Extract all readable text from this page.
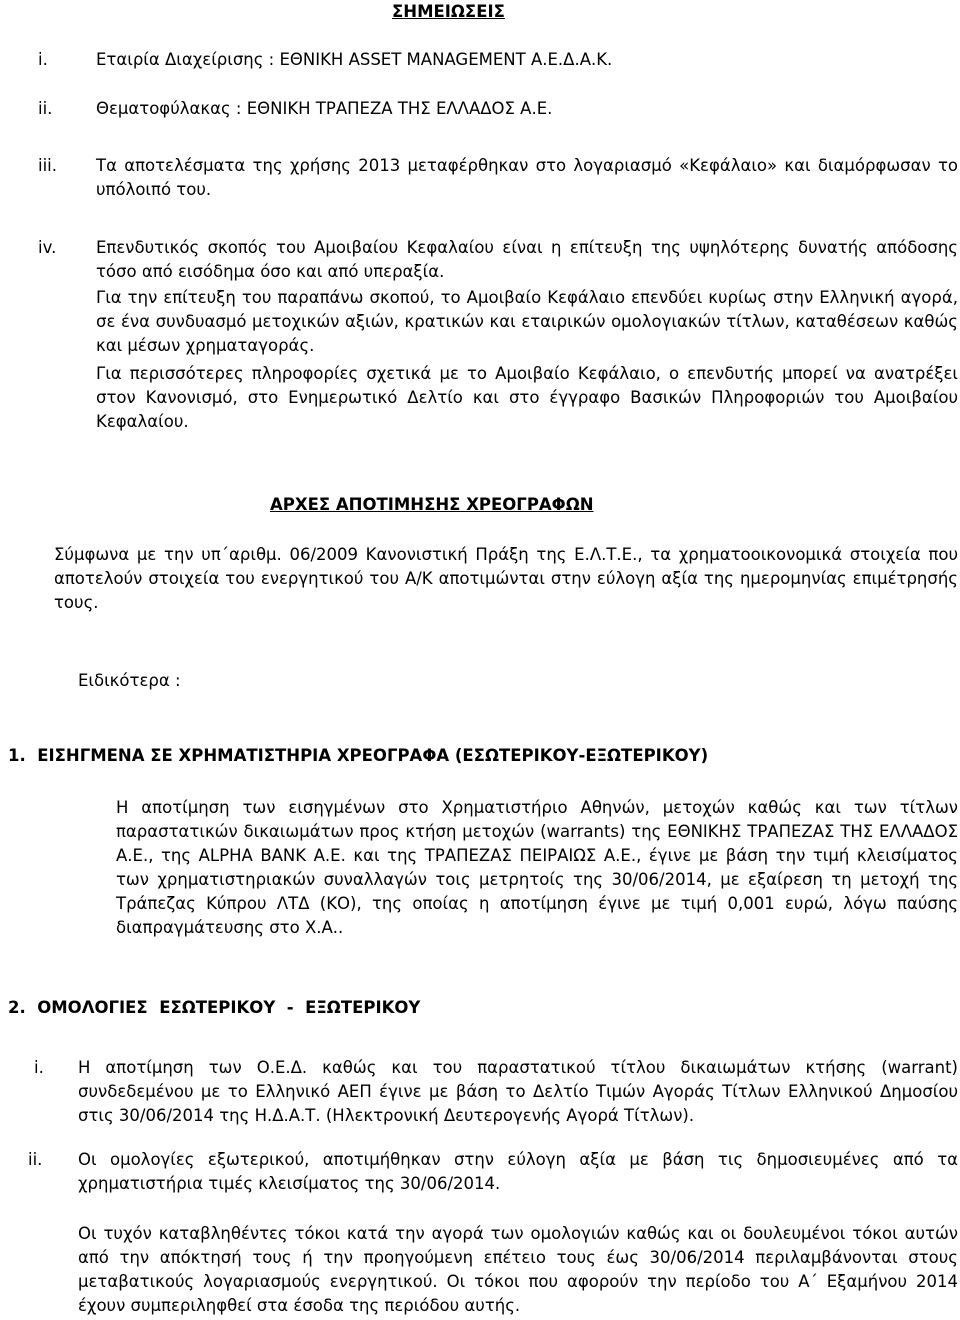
ΣΗΜΕΙΩΣΕΙΣ
i.	Εταιρία Διαχείρισης : ΕΘΝΙΚΗ ASSET MANAGEMENT Α.Ε.Δ.Α.Κ.
ii.	Θεματοφύλακας : ΕΘΝΙΚΗ ΤΡΑΠΕΖΑ ΤΗΣ ΕΛΛΑΔΟΣ Α.Ε.
iii. Τα αποτελέσματα της χρήσης 2013 μεταφέρθηκαν στο λογαριασμό «Κεφάλαιο» και διαμόρφωσαν το υπόλοιπό του.
iv. Επενδυτικός σκοπός του Αμοιβαίου Κεφαλαίου είναι η επίτευξη της υψηλότερης δυνατής απόδοσης τόσο από εισόδημα όσο και από υπεραξία.
Για την επίτευξη του παραπάνω σκοπού, το Αμοιβαίο Κεφάλαιο επενδύει κυρίως στην Ελληνική αγορά, σε ένα συνδυασμό μετοχικών αξιών, κρατικών και εταιρικών ομολογιακών τίτλων, καταθέσεων καθώς και μέσων χρηματαγοράς.
Για περισσότερες πληροφορίες σχετικά με το Αμοιβαίο Κεφάλαιο, ο επενδυτής μπορεί να ανατρέξει στον Κανονισμό, στο Ενημερωτικό Δελτίο και στο έγγραφο Βασικών Πληροφοριών του Αμοιβαίου Κεφαλαίου.
ΑΡΧΕΣ ΑΠΟΤΙΜΗΣΗΣ ΧΡΕΟΓΡΑΦΩΝ
Σύμφωνα με την υπ΄αριθμ. 06/2009 Κανονιστική Πράξη της Ε.Λ.Τ.Ε., τα χρηματοοικονομικά στοιχεία που αποτελούν στοιχεία του ενεργητικού του Α/Κ αποτιμώνται στην εύλογη αξία της ημερομηνίας επιμέτρησής τους.
Ειδικότερα :
1.  ΕΙΣΗΓΜΕΝΑ ΣΕ ΧΡΗΜΑΤΙΣΤΗΡΙΑ ΧΡΕΟΓΡΑΦΑ (ΕΣΩΤΕΡΙΚΟΥ-ΕΞΩΤΕΡΙΚΟΥ)
Η αποτίμηση των εισηγμένων στο Χρηματιστήριο Αθηνών, μετοχών καθώς και των τίτλων παραστατικών δικαιωμάτων προς κτήση μετοχών (warrants) της ΕΘΝΙΚΗΣ ΤΡΑΠΕΖΑΣ ΤΗΣ ΕΛΛΑΔΟΣ Α.Ε., της ALPHA BANK Α.Ε. και της ΤΡΑΠΕΖΑΣ ΠΕΙΡΑΙΩΣ Α.Ε., έγινε με βάση την τιμή κλεισίματος των χρηματιστηριακών συναλλαγών τοις μετρητοίς της 30/06/2014, με εξαίρεση τη μετοχή της Τράπεζας Κύπρου ΛΤΔ (ΚΟ), της οποίας η αποτίμηση έγινε με τιμή 0,001 ευρώ, λόγω παύσης διαπραγμάτευσης στο Χ.Α..
2.  ΟΜΟΛΟΓΙΕΣ  ΕΣΩΤΕΡΙΚΟΥ  -  ΕΞΩΤΕΡΙΚΟΥ
i. Η αποτίμηση των Ο.Ε.Δ. καθώς και του παραστατικού τίτλου δικαιωμάτων κτήσης (warrant) συνδεδεμένου με το Ελληνικό ΑΕΠ έγινε με βάση το Δελτίο Τιμών Αγοράς Τίτλων Ελληνικού Δημοσίου στις 30/06/2014 της Η.Δ.Α.Τ. (Ηλεκτρονική Δευτερογενής Αγορά Τίτλων).
ii. Οι ομολογίες εξωτερικού, αποτιμήθηκαν στην εύλογη αξία με βάση τις δημοσιευμένες από τα χρηματιστήρια τιμές κλεισίματος της 30/06/2014.
Οι τυχόν καταβληθέντες τόκοι κατά την αγορά των ομολογιών καθώς και οι δουλευμένοι τόκοι αυτών από την απόκτησή τους ή την προηγούμενη επέτειο τους έως 30/06/2014 περιλαμβάνονται στους μεταβατικούς λογαριασμούς ενεργητικού. Οι τόκοι που αφορούν την περίοδο του Α΄ Εξαμήνου 2014 έχουν συμπεριληφθεί στα έσοδα της περιόδου αυτής.
